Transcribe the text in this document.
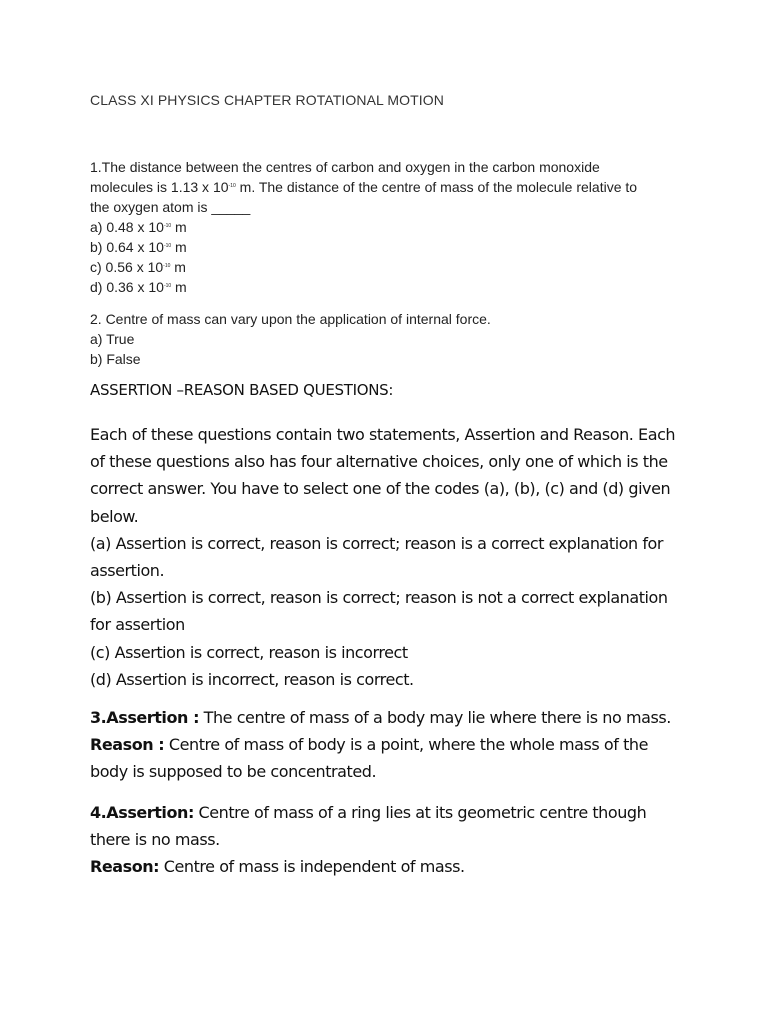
CLASS XI PHYSICS CHAPTER ROTATIONAL MOTION
1.The distance between the centres of carbon and oxygen in the carbon monoxide
molecules is 1.13 x $10^{-10}$ m. The distance of the centre of mass of the molecule relative to
the oxygen atom is _____
a) 0.48 x $10^{-10}$ m
b) 0.64 x $10^{-10}$ m
c) 0.56 x $10^{-10}$ m
d) 0.36 x $10^{-10}$ m
2. Centre of mass can vary upon the application of internal force.
a) True
b) False
ASSERTION –REASON BASED QUESTIONS:
Each of these questions contain two statements, Assertion and Reason. Each
of these questions also has four alternative choices, only one of which is the
correct answer. You have to select one of the codes (a), (b), (c) and (d) given
below.
(a) Assertion is correct, reason is correct; reason is a correct explanation for
assertion.
(b) Assertion is correct, reason is correct; reason is not a correct explanation
for assertion
(c) Assertion is correct, reason is incorrect
(d) Assertion is incorrect, reason is correct.
3.Assertion : The centre of mass of a body may lie where there is no mass.
Reason : Centre of mass of body is a point, where the whole mass of the
body is supposed to be concentrated.
4.Assertion: Centre of mass of a ring lies at its geometric centre though
there is no mass.
Reason: Centre of mass is independent of mass.
